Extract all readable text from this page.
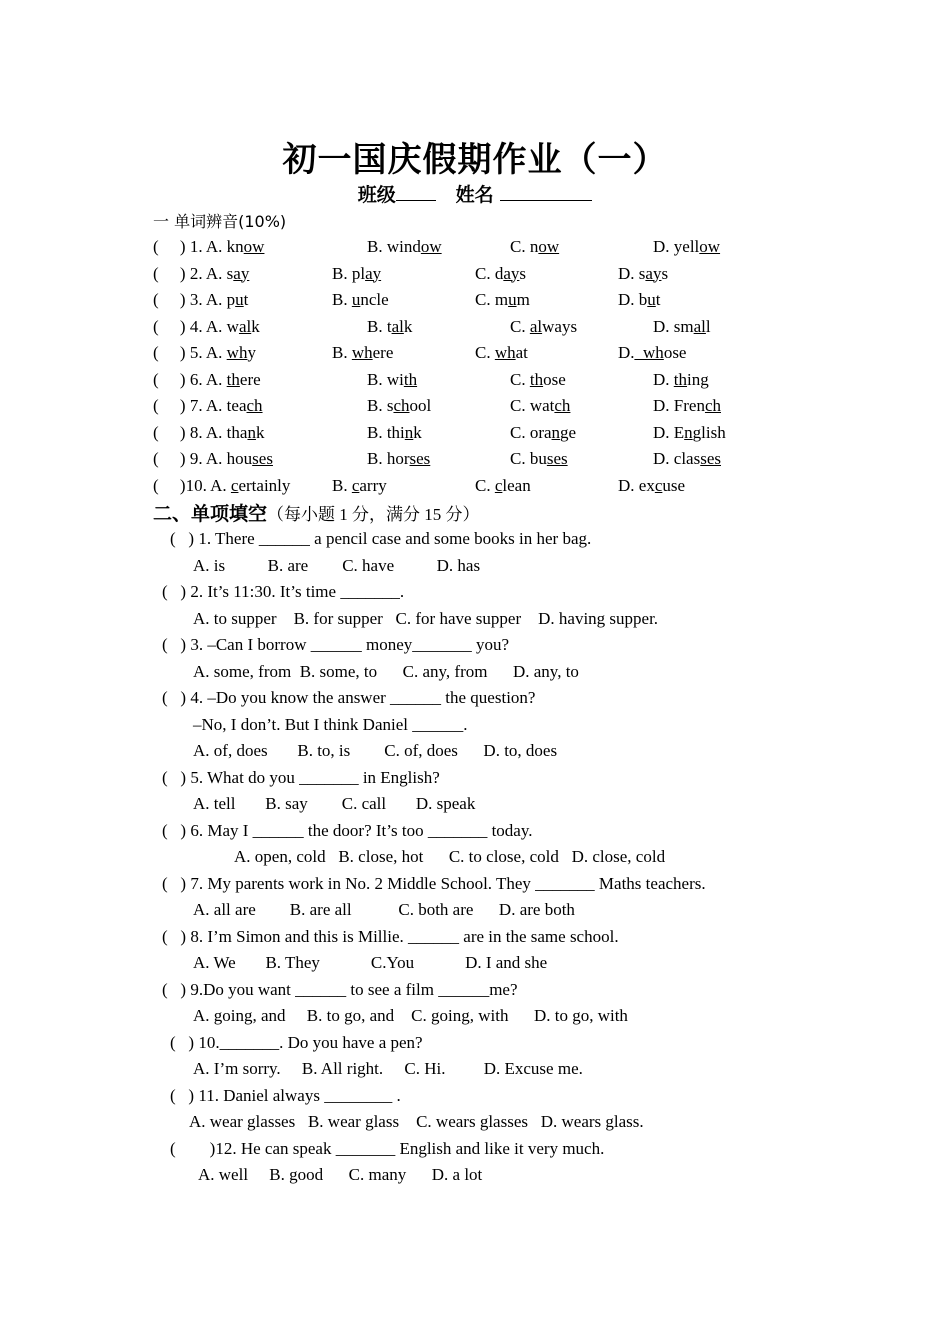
初一国庆假期作业（一）
班级	姓名
一 单词辨音(10%)
(     ) 1. A. know	B. window	C. now	D. yellow
(     ) 2. A. say	B. play	C. days	D. says
(     ) 3. A. put	B. uncle	C. mum	D. but
(     ) 4. A. walk	B. talk	C. always	D. small
(     ) 5. A. why	B. where	C. what	D._whose
(     ) 6. A. there	B. with	C. those	D. thing
(     ) 7. A. teach	B. school	C. watch	D. French
(     ) 8. A. thank	B. think	C. orange	D. English
(     ) 9. A. houses	B. horses	C. buses	D. classes
(     )10. A. certainly B. carry	C. clean	D. excuse
二、单项填空（每小题 1 分，满分 15 分）
(   ) 1. There ______ a pencil case and some books in her bag.
A. is          B. are        C. have          D. has
(   ) 2. It’s 11:30. It’s time _______.
A. to supper    B. for supper   C. for have supper    D. having supper.
(   ) 3. –Can I borrow ______ money_______ you?
A. some, from  B. some, to      C. any, from      D. any, to
(   ) 4. –Do you know the answer ______ the question?
–No, I don’t. But I think Daniel ______.
A. of, does       B. to, is        C. of, does      D. to, does
(   ) 5. What do you _______ in English?
A. tell       B. say        C. call       D. speak
(   ) 6. May I ______ the door? It’s too _______ today.
A. open, cold   B. close, hot      C. to close, cold   D. close, cold
(   ) 7. My parents work in No. 2 Middle School. They _______ Maths teachers.
A. all are        B. are all           C. both are      D. are both
(   ) 8. I’m Simon and this is Millie. ______ are in the same school.
A. We       B. They            C.You            D. I and she
(   ) 9.Do you want ______ to see a film ______me?
A. going, and     B. to go, and    C. going, with      D. to go, with
(   ) 10._______. Do you have a pen?
A. I’m sorry.     B. All right.     C. Hi.         D. Excuse me.
(   ) 11. Daniel always ________ .
A. wear glasses   B. wear glass    C. wears glasses   D. wears glass.
(        )12. He can speak _______ English and like it very much.
A. well     B. good      C. many      D. a lot
